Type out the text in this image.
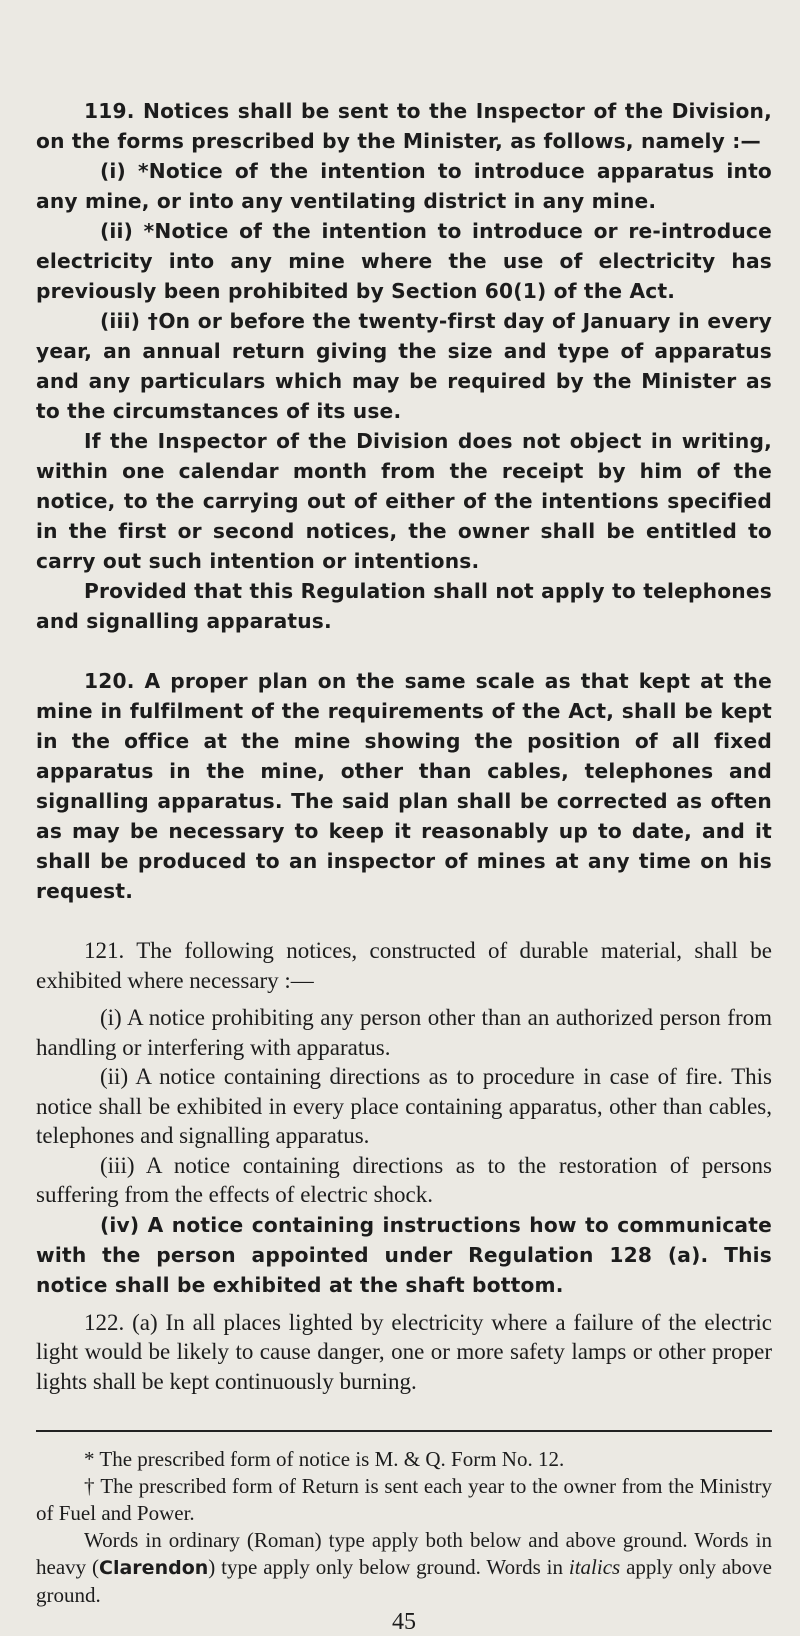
119. Notices shall be sent to the Inspector of the Division, on the forms prescribed by the Minister, as follows, namely :—

(i) *Notice of the intention to introduce apparatus into any mine, or into any ventilating district in any mine.

(ii) *Notice of the intention to introduce or re-introduce electricity into any mine where the use of electricity has previously been prohibited by Section 60(1) of the Act.

(iii) †On or before the twenty-first day of January in every year, an annual return giving the size and type of apparatus and any particulars which may be required by the Minister as to the circumstances of its use.

If the Inspector of the Division does not object in writing, within one calendar month from the receipt by him of the notice, to the carrying out of either of the intentions specified in the first or second notices, the owner shall be entitled to carry out such intention or intentions.

Provided that this Regulation shall not apply to telephones and signalling apparatus.

120. A proper plan on the same scale as that kept at the mine in fulfilment of the requirements of the Act, shall be kept in the office at the mine showing the position of all fixed apparatus in the mine, other than cables, telephones and signalling apparatus. The said plan shall be corrected as often as may be necessary to keep it reasonably up to date, and it shall be produced to an inspector of mines at any time on his request.

121. The following notices, constructed of durable material, shall be exhibited where necessary :—

(i) A notice prohibiting any person other than an authorized person from handling or interfering with apparatus.

(ii) A notice containing directions as to procedure in case of fire. This notice shall be exhibited in every place containing apparatus, other than cables, telephones and signalling apparatus.

(iii) A notice containing directions as to the restoration of persons suffering from the effects of electric shock.

(iv) A notice containing instructions how to communicate with the person appointed under Regulation 128 (a). This notice shall be exhibited at the shaft bottom.

122. (a) In all places lighted by electricity where a failure of the electric light would be likely to cause danger, one or more safety lamps or other proper lights shall be kept continuously burning.

* The prescribed form of notice is M. & Q. Form No. 12.

† The prescribed form of Return is sent each year to the owner from the Ministry of Fuel and Power.

Words in ordinary (Roman) type apply both below and above ground. Words in heavy (Clarendon) type apply only below ground. Words in italics apply only above ground.

45
